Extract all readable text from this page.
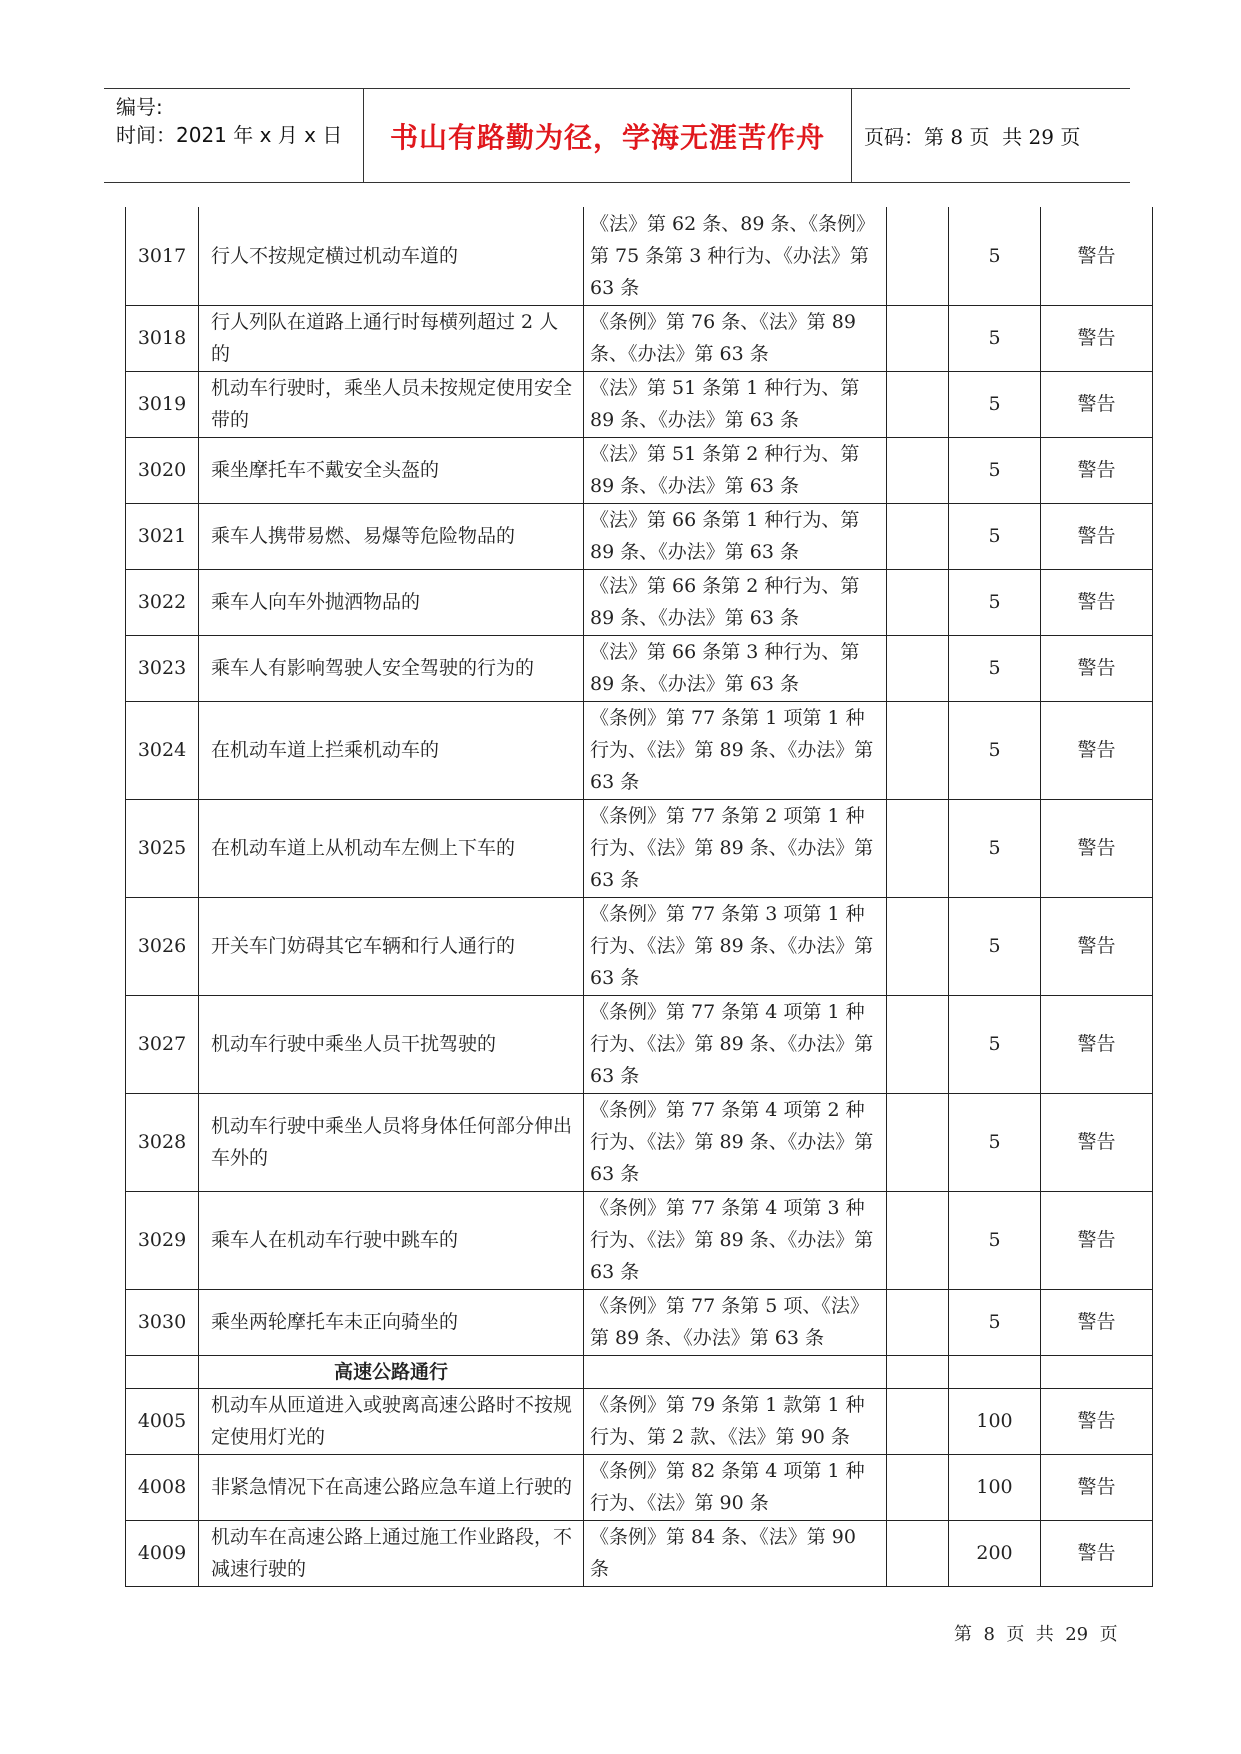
编号:
时间：2021 年 x 月 x 日	书山有路勤为径，学海无涯苦作舟	页码：第 8 页  共 29 页
3017	行人不按规定横过机动车道的	《法》第 62 条、89 条、《条例》第 75 条第 3 种行为、《办法》第 63 条		5	警告
3018	行人列队在道路上通行时每横列超过 2 人的	《条例》第 76 条、《法》第 89 条、《办法》第 63 条		5	警告
3019	机动车行驶时，乘坐人员未按规定使用安全带的	《法》第 51 条第 1 种行为、第 89 条、《办法》第 63 条		5	警告
3020	乘坐摩托车不戴安全头盔的	《法》第 51 条第 2 种行为、第 89 条、《办法》第 63 条		5	警告
3021	乘车人携带易燃、易爆等危险物品的	《法》第 66 条第 1 种行为、第 89 条、《办法》第 63 条		5	警告
3022	乘车人向车外抛洒物品的	《法》第 66 条第 2 种行为、第 89 条、《办法》第 63 条		5	警告
3023	乘车人有影响驾驶人安全驾驶的行为的	《法》第 66 条第 3 种行为、第 89 条、《办法》第 63 条		5	警告
3024	在机动车道上拦乘机动车的	《条例》第 77 条第 1 项第 1 种行为、《法》第 89 条、《办法》第 63 条		5	警告
3025	在机动车道上从机动车左侧上下车的	《条例》第 77 条第 2 项第 1 种行为、《法》第 89 条、《办法》第 63 条		5	警告
3026	开关车门妨碍其它车辆和行人通行的	《条例》第 77 条第 3 项第 1 种行为、《法》第 89 条、《办法》第 63 条		5	警告
3027	机动车行驶中乘坐人员干扰驾驶的	《条例》第 77 条第 4 项第 1 种行为、《法》第 89 条、《办法》第 63 条		5	警告
3028	机动车行驶中乘坐人员将身体任何部分伸出车外的	《条例》第 77 条第 4 项第 2 种行为、《法》第 89 条、《办法》第 63 条		5	警告
3029	乘车人在机动车行驶中跳车的	《条例》第 77 条第 4 项第 3 种行为、《法》第 89 条、《办法》第 63 条		5	警告
3030	乘坐两轮摩托车未正向骑坐的	《条例》第 77 条第 5 项、《法》第 89 条、《办法》第 63 条		5	警告
	高速公路通行				
4005	机动车从匝道进入或驶离高速公路时不按规定使用灯光的	《条例》第 79 条第 1 款第 1 种行为、第 2 款、《法》第 90 条		100	警告
4008	非紧急情况下在高速公路应急车道上行驶的	《条例》第 82 条第 4 项第 1 种行为、《法》第 90 条		100	警告
4009	机动车在高速公路上通过施工作业路段，不减速行驶的	《条例》第 84 条、《法》第 90 条		200	警告
第  8  页  共  29  页
